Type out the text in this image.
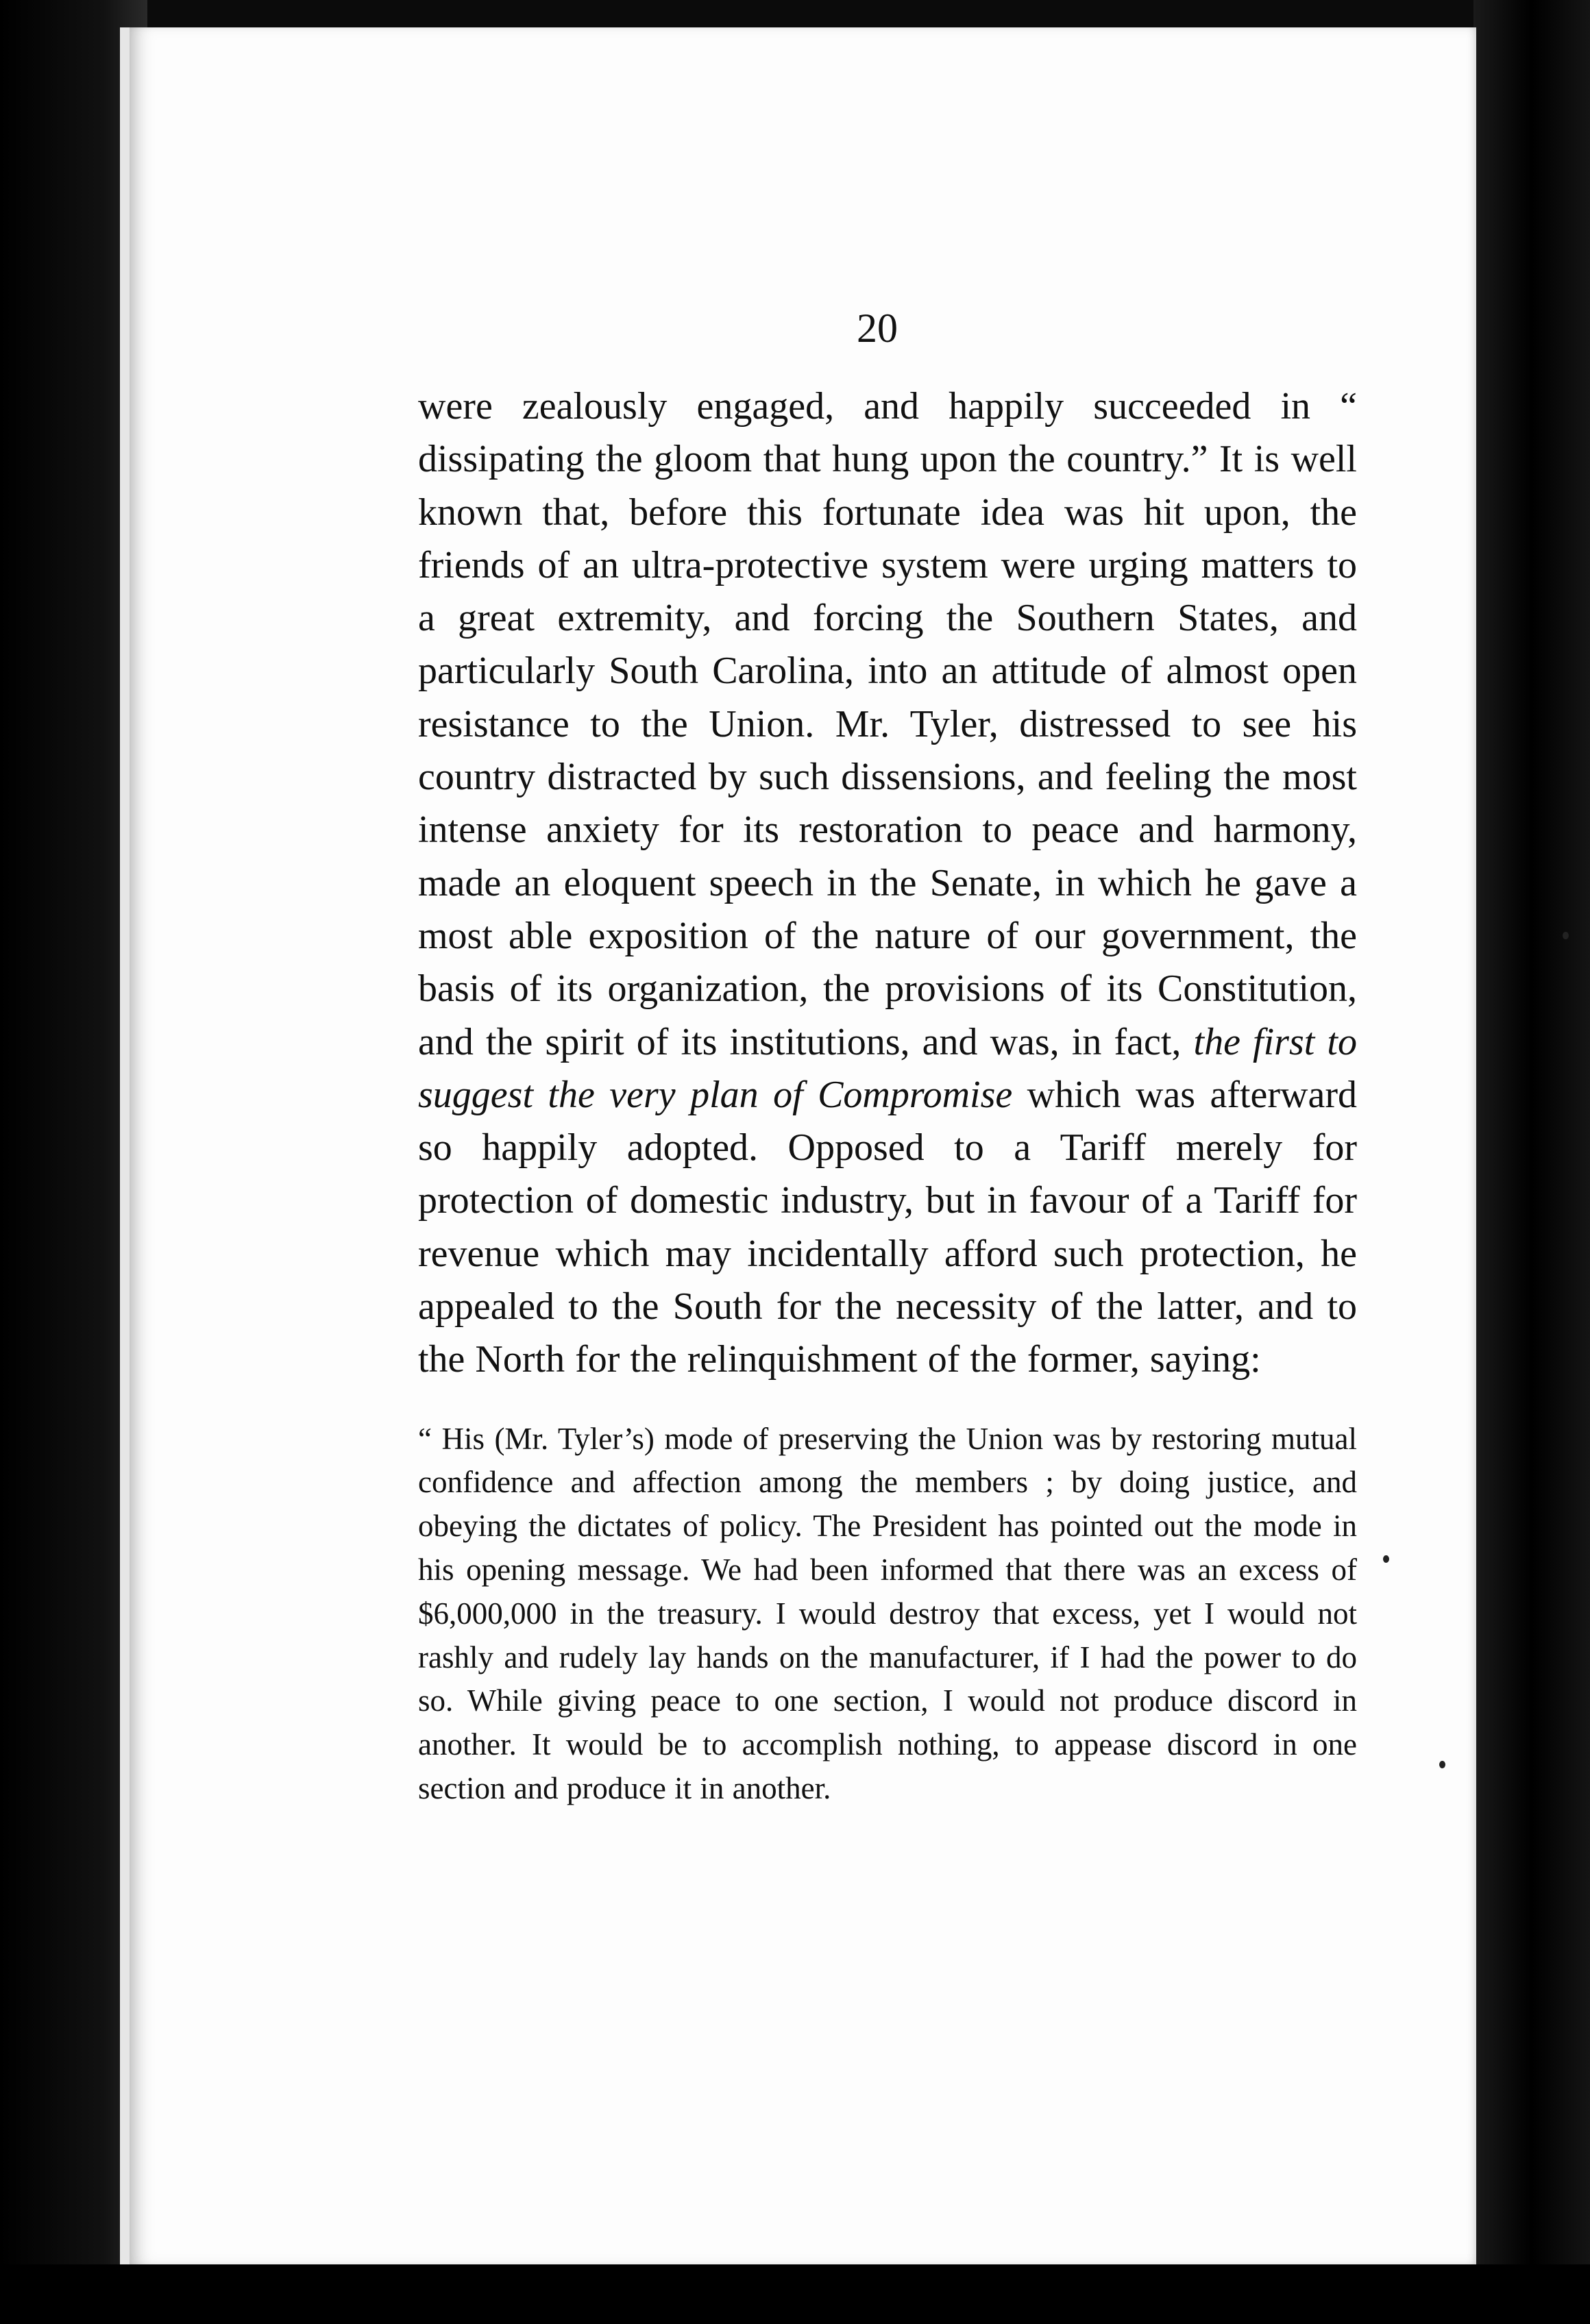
20

were zealously engaged, and happily succeeded in “ dissipating the gloom that hung upon the country.” It is well known that, before this fortunate idea was hit upon, the friends of an ultra-protective system were urging matters to a great extremity, and forcing the Southern States, and particularly South Carolina, into an attitude of almost open resistance to the Union. Mr. Tyler, distressed to see his country distracted by such dissensions, and feeling the most intense anxiety for its restoration to peace and harmony, made an eloquent speech in the Senate, in which he gave a most able exposition of the nature of our government, the basis of its organization, the provisions of its Constitution, and the spirit of its institutions, and was, in fact, the first to suggest the very plan of Compromise which was afterward so happily adopted. Opposed to a Tariff merely for protection of domestic industry, but in favour of a Tariff for revenue which may incidentally afford such protection, he appealed to the South for the necessity of the latter, and to the North for the relinquishment of the former, saying:

“ His (Mr. Tyler’s) mode of preserving the Union was by restoring mutual confidence and affection among the members ; by doing justice, and obeying the dictates of policy. The President has pointed out the mode in his opening message. We had been informed that there was an excess of $6,000,000 in the treasury. I would destroy that excess, yet I would not rashly and rudely lay hands on the manufacturer, if I had the power to do so. While giving peace to one section, I would not produce discord in another. It would be to accomplish nothing, to appease discord in one section and produce it in another.
